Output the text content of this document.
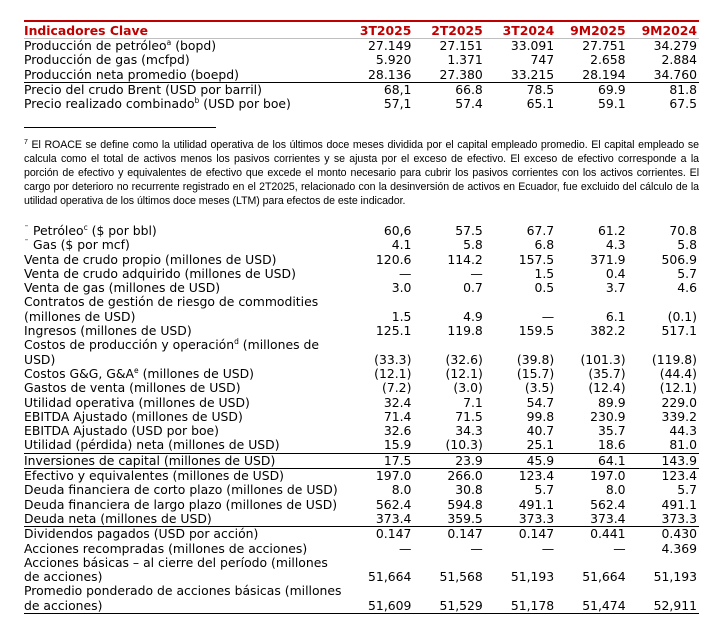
Indicadores Clave	3T2025	2T2025	3T2024	9M2025	9M2024
Producción de petróleo$^a$ (bopd)	27.149	27.151	33.091	27.751	34.279
Producción de gas (mcfpd)	5.920	1.371	747	2.658	2.884
Producción neta promedio (boepd)	28.136	27.380	33.215	28.194	34.760
Precio del crudo Brent (USD por barril)	68,1	66.8	78.5	69.9	81.8
Precio realizado combinado$^b$ (USD por boe)	57,1	57.4	65.1	59.1	67.5
$^7$ El ROACE se define como la utilidad operativa de los últimos doce meses dividida por el capital empleado promedio. El capital empleado se calcula como el total de activos menos los pasivos corrientes y se ajusta por el exceso de efectivo. El exceso de efectivo corresponde a la porción de efectivo y equivalentes de efectivo que excede el monto necesario para cubrir los pasivos corrientes con los activos corrientes. El cargo por deterioro no recurrente registrado en el 2T2025, relacionado con la desinversión de activos en Ecuador, fue excluido del cálculo de la utilidad operativa de los últimos doce meses (LTM) para efectos de este indicador.
ˉ Petróleo$^c$ ($ por bbl)	60,6	57.5	67.7	61.2	70.8
ˉ Gas ($ por mcf)	4.1	5.8	6.8	4.3	5.8
Venta de crudo propio (millones de USD)	120.6	114.2	157.5	371.9	506.9
Venta de crudo adquirido (millones de USD)	—	—	1.5	0.4	5.7
Venta de gas (millones de USD)	3.0	0.7	0.5	3.7	4.6
Contratos de gestión de riesgo de commodities (millones de USD)	1.5	4.9	—	6.1	(0.1)
Ingresos (millones de USD)	125.1	119.8	159.5	382.2	517.1
Costos de producción y operación$^d$ (millones de USD)	(33.3)	(32.6)	(39.8)	(101.3)	(119.8)
Costos G&G, $G\&A^e$ (millones de USD)	(12.1)	(12.1)	(15.7)	(35.7)	(44.4)
Gastos de venta (millones de USD)	(7.2)	(3.0)	(3.5)	(12.4)	(12.1)
Utilidad operativa (millones de USD)	32.4	7.1	54.7	89.9	229.0
EBITDA Ajustado (millones de USD)	71.4	71.5	99.8	230.9	339.2
EBITDA Ajustado (USD por boe)	32.6	34.3	40.7	35.7	44.3
Utilidad (pérdida) neta (millones de USD)	15.9	(10.3)	25.1	18.6	81.0
Inversiones de capital (millones de USD)	17.5	23.9	45.9	64.1	143.9
Efectivo y equivalentes (millones de USD)	197.0	266.0	123.4	197.0	123.4
Deuda financiera de corto plazo (millones de USD)	8.0	30.8	5.7	8.0	5.7
Deuda financiera de largo plazo (millones de USD)	562.4	594.8	491.1	562.4	491.1
Deuda neta (millones de USD)	373.4	359.5	373.3	373.4	373.3
Dividendos pagados (USD por acción)	0.147	0.147	0.147	0.441	0.430
Acciones recompradas (millones de acciones)	—	—	—	—	4.369
Acciones básicas – al cierre del período (millones de acciones)	51,664	51,568	51,193	51,664	51,193
Promedio ponderado de acciones básicas (millones de acciones)	51,609	51,529	51,178	51,474	52,911
